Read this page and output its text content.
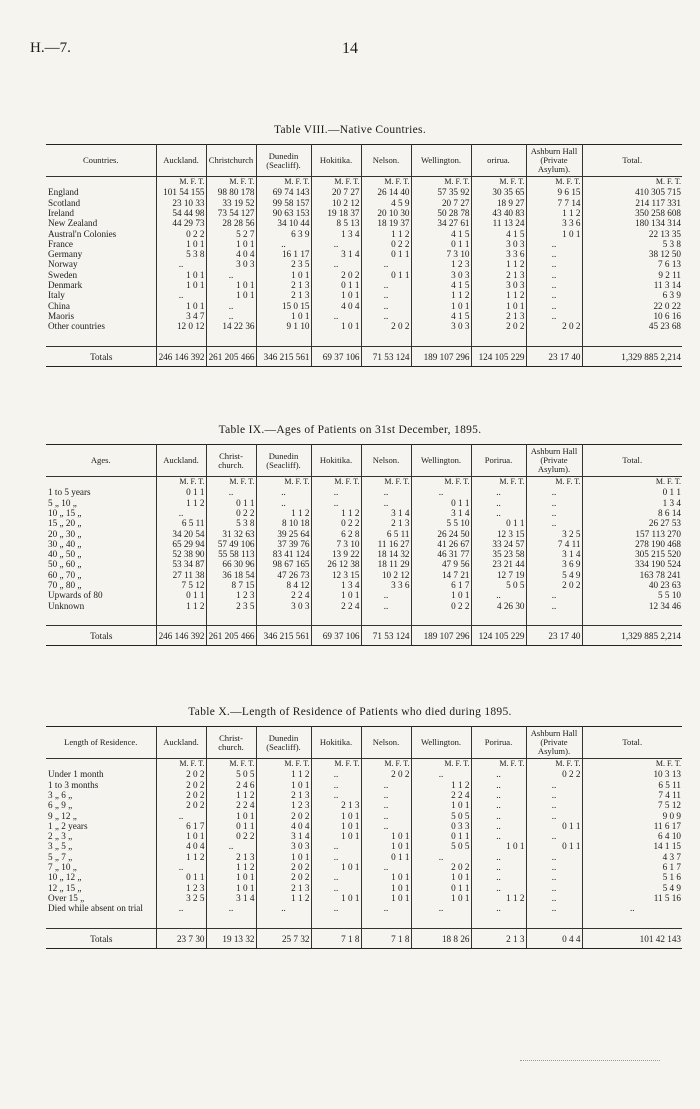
H.—7.	14
Table VIII.—Native Countries.
Countries.	Auckland.	Christchurch	Dunedin (Seacliff).	Hokitika.	Nelson.	Wellington.	orirua.	Ashburn Hall (Private Asylum).	Total.
	M. F. T.	M. F. T.	M. F. T.	M. F. T.	M. F. T.	M. F. T.	M. F. T.	M. F. T.	M. F. T.
England	101 54 155	98 80 178	69 74 143	20 7 27	26 14 40	57 35 92	30 35 65	9 6 15	410 305 715
Scotland	23 10 33	33 19 52	99 58 157	10 2 12	4 5 9	20 7 27	18 9 27	7 7 14	214 117 331
Ireland	54 44 98	73 54 127	90 63 153	19 18 37	20 10 30	50 28 78	43 40 83	1 1 2	350 258 608
New Zealand	44 29 73	28 28 56	34 10 44	8 5 13	18 19 37	34 27 61	11 13 24	3 3 6	180 134 314
Austral'n Colonies	0 2 2	5 2 7	6 3 9	1 3 4	1 1 2	4 1 5	4 1 5	1 0 1	22 13 35
France	1 0 1	1 0 1	..	..	0 2 2	0 1 1	3 0 3	..	5 3 8
Germany	5 3 8	4 0 4	16 1 17	3 1 4	0 1 1	7 3 10	3 3 6	..	38 12 50
Norway	..	3 0 3	2 3 5	..	..	1 2 3	1 1 2	..	7 6 13
Sweden	1 0 1	..	1 0 1	2 0 2	0 1 1	3 0 3	2 1 3	..	9 2 11
Denmark	1 0 1	1 0 1	2 1 3	0 1 1	..	4 1 5	3 0 3	..	11 3 14
Italy	..	1 0 1	2 1 3	1 0 1	..	1 1 2	1 1 2	..	6 3 9
China	1 0 1	..	15 0 15	4 0 4	..	1 0 1	1 0 1	..	22 0 22
Maoris	3 4 7	..	1 0 1	..	..	4 1 5	2 1 3	..	10 6 16
Other countries	12 0 12	14 22 36	9 1 10	1 0 1	2 0 2	3 0 3	2 0 2	2 0 2	45 23 68

Totals	246 146 392	261 205 466	346 215 561	69 37 106	71 53 124	189 107 296	124 105 229	23 17 40	1,329 885 2,214
Table IX.—Ages of Patients on 31st December, 1895.
Ages.	Auckland.	Christ-church.	Dunedin (Seacliff).	Hokitika.	Nelson.	Wellington.	Porirua.	Ashburn Hall (Private Asylum).	Total.
	M. F. T.	M. F. T.	M. F. T.	M. F. T.	M. F. T.	M. F. T.	M. F. T.	M. F. T.	M. F. T.
1 to 5 years	0 1 1	..	..	..	..	..	..	..	0 1 1
5 „ 10 „	1 1 2	0 1 1	..	..	..	0 1 1	..	..	1 3 4
10 „ 15 „	..	0 2 2	1 1 2	1 1 2	3 1 4	3 1 4	..	..	8 6 14
15 „ 20 „	6 5 11	5 3 8	8 10 18	0 2 2	2 1 3	5 5 10	0 1 1	..	26 27 53
20 „ 30 „	34 20 54	31 32 63	39 25 64	6 2 8	6 5 11	26 24 50	12 3 15	3 2 5	157 113 270
30 „ 40 „	65 29 94	57 49 106	37 39 76	7 3 10	11 16 27	41 26 67	33 24 57	7 4 11	278 190 468
40 „ 50 „	52 38 90	55 58 113	83 41 124	13 9 22	18 14 32	46 31 77	35 23 58	3 1 4	305 215 520
50 „ 60 „	53 34 87	66 30 96	98 67 165	26 12 38	18 11 29	47 9 56	23 21 44	3 6 9	334 190 524
60 „ 70 „	27 11 38	36 18 54	47 26 73	12 3 15	10 2 12	14 7 21	12 7 19	5 4 9	163 78 241
70 „ 80 „	7 5 12	8 7 15	8 4 12	1 3 4	3 3 6	6 1 7	5 0 5	2 0 2	40 23 63
Upwards of 80	0 1 1	1 2 3	2 2 4	1 0 1	..	1 0 1	..	..	5 5 10
Unknown	1 1 2	2 3 5	3 0 3	2 2 4	..	0 2 2	4 26 30	..	12 34 46

Totals	246 146 392	261 205 466	346 215 561	69 37 106	71 53 124	189 107 296	124 105 229	23 17 40	1,329 885 2,214
Table X.—Length of Residence of Patients who died during 1895.
Length of Residence.	Auckland.	Christ-church.	Dunedin (Seacliff).	Hokitika.	Nelson.	Wellington.	Porirua.	Ashburn Hall (Private Asylum).	Total.
	M. F. T.	M. F. T.	M. F. T.	M. F. T.	M. F. T.	M. F. T.	M. F. T.	M. F. T.	M. F. T.
Under 1 month	2 0 2	5 0 5	1 1 2	..	2 0 2	..	..	0 2 2	10 3 13
1 to 3 months	2 0 2	2 4 6	1 0 1	..	..	1 1 2	..	..	6 5 11
3 „ 6 „	2 0 2	1 1 2	2 1 3	..	..	2 2 4	..	..	7 4 11
6 „ 9 „	2 0 2	2 2 4	1 2 3	2 1 3	..	1 0 1	..	..	7 5 12
9 „ 12 „	..	1 0 1	2 0 2	1 0 1	..	5 0 5	..	..	9 0 9
1 „ 2 years	6 1 7	0 1 1	4 0 4	1 0 1	..	0 3 3	..	0 1 1	11 6 17
2 „ 3 „	1 0 1	0 2 2	3 1 4	1 0 1	1 0 1	0 1 1	..	..	6 4 10
3 „ 5 „	4 0 4	..	3 0 3	..	1 0 1	5 0 5	1 0 1	0 1 1	14 1 15
5 „ 7 „	1 1 2	2 1 3	1 0 1	..	0 1 1	..	..	..	4 3 7
7 „ 10 „	..	1 1 2	2 0 2	1 0 1	..	2 0 2	..	..	6 1 7
10 „ 12 „	0 1 1	1 0 1	2 0 2	..	1 0 1	1 0 1	..	..	5 1 6
12 „ 15 „	1 2 3	1 0 1	2 1 3	..	1 0 1	0 1 1	..	..	5 4 9
Over 15 „	3 2 5	3 1 4	1 1 2	1 0 1	1 0 1	1 0 1	1 1 2	..	11 5 16
Died while absent on trial	..	..	..	..	..	..	..	..	..

Totals	23 7 30	19 13 32	25 7 32	7 1 8	7 1 8	18 8 26	2 1 3	0 4 4	101 42 143
